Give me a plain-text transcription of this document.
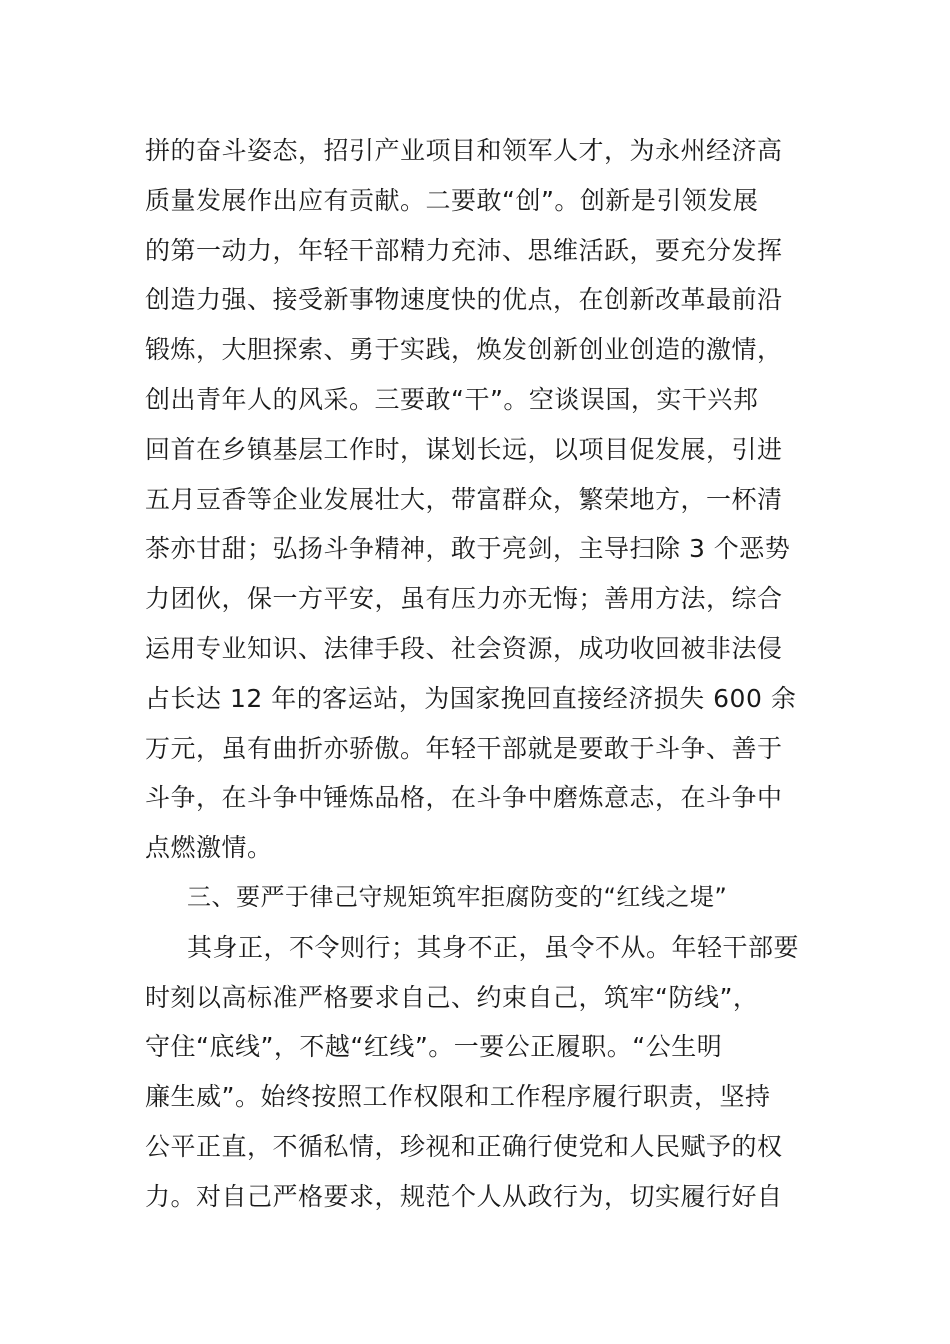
拼的奋斗姿态，招引产业项目和领军人才，为永州经济高
质量发展作出应有贡献。二要敢“创”。创新是引领发展
的第一动力，年轻干部精力充沛、思维活跃，要充分发挥
创造力强、接受新事物速度快的优点，在创新改革最前沿
锻炼，大胆探索、勇于实践，焕发创新创业创造的激情，
创出青年人的风采。三要敢“干”。空谈误国，实干兴邦
回首在乡镇基层工作时，谋划长远，以项目促发展，引进
五月豆香等企业发展壮大，带富群众，繁荣地方，一杯清
茶亦甘甜；弘扬斗争精神，敢于亮剑，主导扫除 3 个恶势
力团伙，保一方平安，虽有压力亦无悔；善用方法，综合
运用专业知识、法律手段、社会资源，成功收回被非法侵
占长达 12 年的客运站，为国家挽回直接经济损失 600 余
万元，虽有曲折亦骄傲。年轻干部就是要敢于斗争、善于
斗争，在斗争中锤炼品格，在斗争中磨炼意志，在斗争中
点燃激情。
三、要严于律己守规矩筑牢拒腐防变的“红线之堤”
其身正，不令则行；其身不正，虽令不从。年轻干部要
时刻以高标准严格要求自己、约束自己，筑牢“防线”，
守住“底线”，不越“红线”。一要公正履职。“公生明
廉生威”。始终按照工作权限和工作程序履行职责，坚持
公平正直，不循私情，珍视和正确行使党和人民赋予的权
力。对自己严格要求，规范个人从政行为，切实履行好自
